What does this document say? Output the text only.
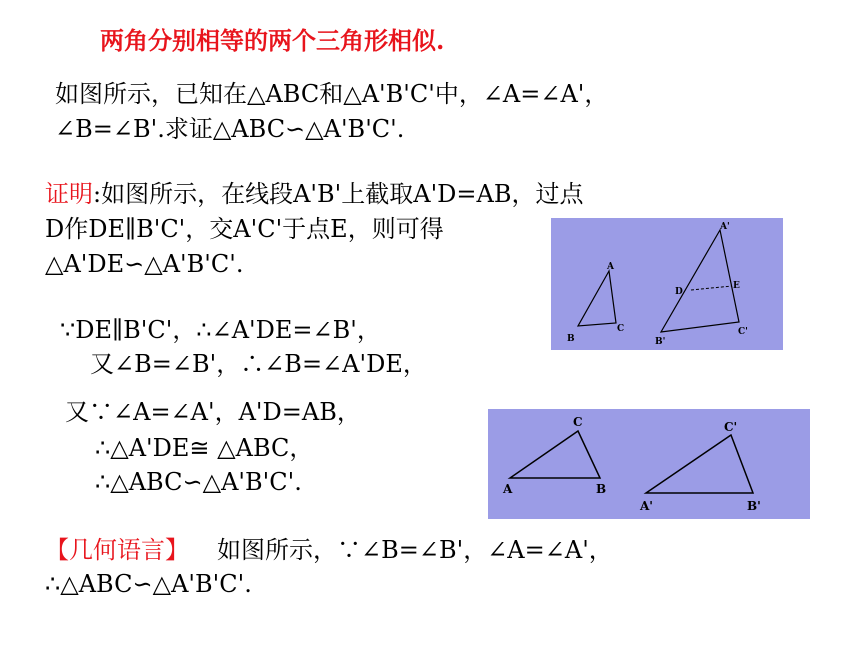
两角分别相等的两个三角形相似.
如图所示，已知在△ABC和△A'B'C'中，∠A=∠A'，
∠B=∠B'.求证△ABC∽△A'B'C'.
证明:如图所示，在线段A'B'上截取A'D=AB，过点
D作DE∥B'C'，交A'C'于点E，则可得
△A'DE∽△A'B'C'.
∵DE∥B'C'，∴∠A'DE=∠B'，
又∠B=∠B'，∴∠B=∠A'DE，
又∵∠A=∠A'，A'D=AB，
∴△A'DE≅ △ABC，
∴△ABC∽△A'B'C'.
【几何语言】 如图所示，∵∠B=∠B'，∠A=∠A'，
∴△ABC∽△A'B'C'.
A
B
C
A'
B'
C'
D
E
C
A	B
C'
A'	B'
